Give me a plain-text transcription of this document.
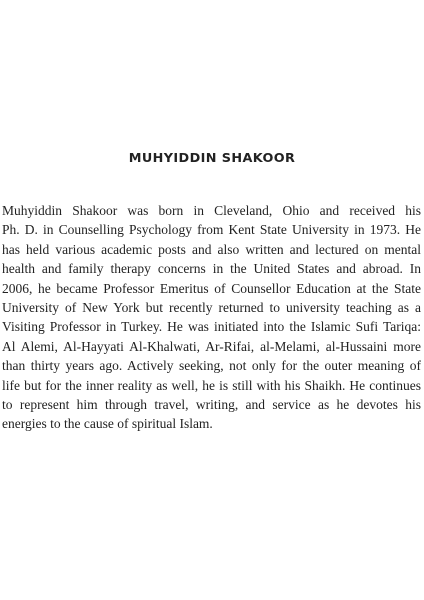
MUHYIDDIN SHAKOOR

Muhyiddin Shakoor was born in Cleveland, Ohio and received his
Ph. D. in Counselling Psychology from Kent State University in 1973. He
has held various academic posts and also written and lectured on mental
health and family therapy concerns in the United States and abroad. In
2006, he became Professor Emeritus of Counsellor Education at the State
University of New York but recently returned to university teaching as a
Visiting Professor in Turkey. He was initiated into the Islamic Sufi Tariqa:
Al Alemi, Al-Hayyati Al-Khalwati, Ar-Rifai, al-Melami, al-Hussaini more
than thirty years ago. Actively seeking, not only for the outer meaning of
life but for the inner reality as well, he is still with his Shaikh. He continues
to represent him through travel, writing, and service as he devotes his
energies to the cause of spiritual Islam.
